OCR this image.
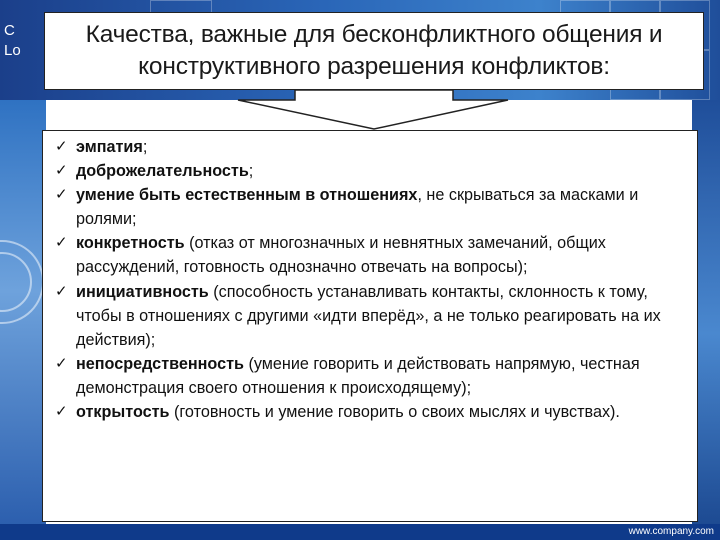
C
Lo
www.company.com
Качества, важные для бесконфликтного общения и конструктивного разрешения конфликтов:
✓ эмпатия;
✓ доброжелательность;
✓ умение быть естественным в отношениях, не скрываться за масками и ролями;
✓ конкретность (отказ от многозначных и невнятных замечаний, общих рассуждений, готовность однозначно отвечать на вопросы);
✓ инициативность (способность устанавливать контакты, склонность к тому, чтобы в отношениях с другими «идти вперёд», а не только реагировать на их действия);
✓ непосредственность (умение говорить и действовать напрямую, честная демонстрация своего отношения к происходящему);
✓ открытость (готовность и умение говорить о своих мыслях и чувствах).
